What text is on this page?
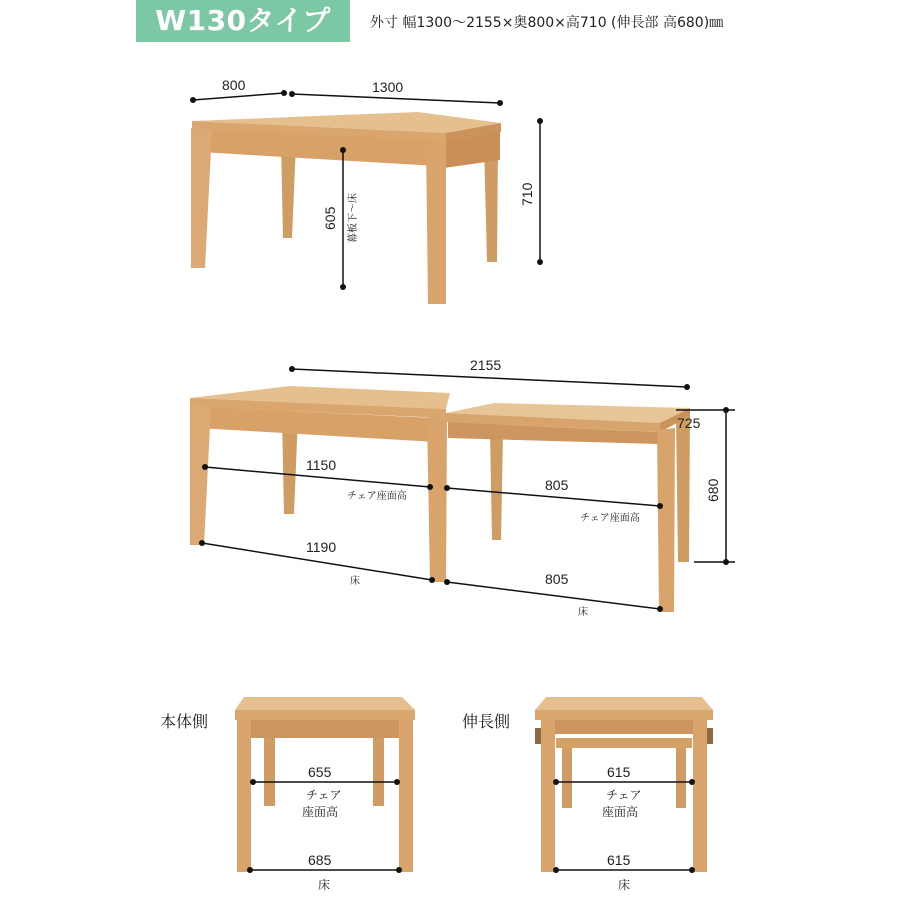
W130タイプ	外寸 幅1300〜2155×奥800×高710 (伸長部 高680)㎜
800	1300
710
605 幕板下〜床
2155
725
680
1150
チェア座面高
805
チェア座面高
1190
床	805
床
本体側
655
チェア
座面高
685
床
伸長側
615
チェア
座面高
615
床
